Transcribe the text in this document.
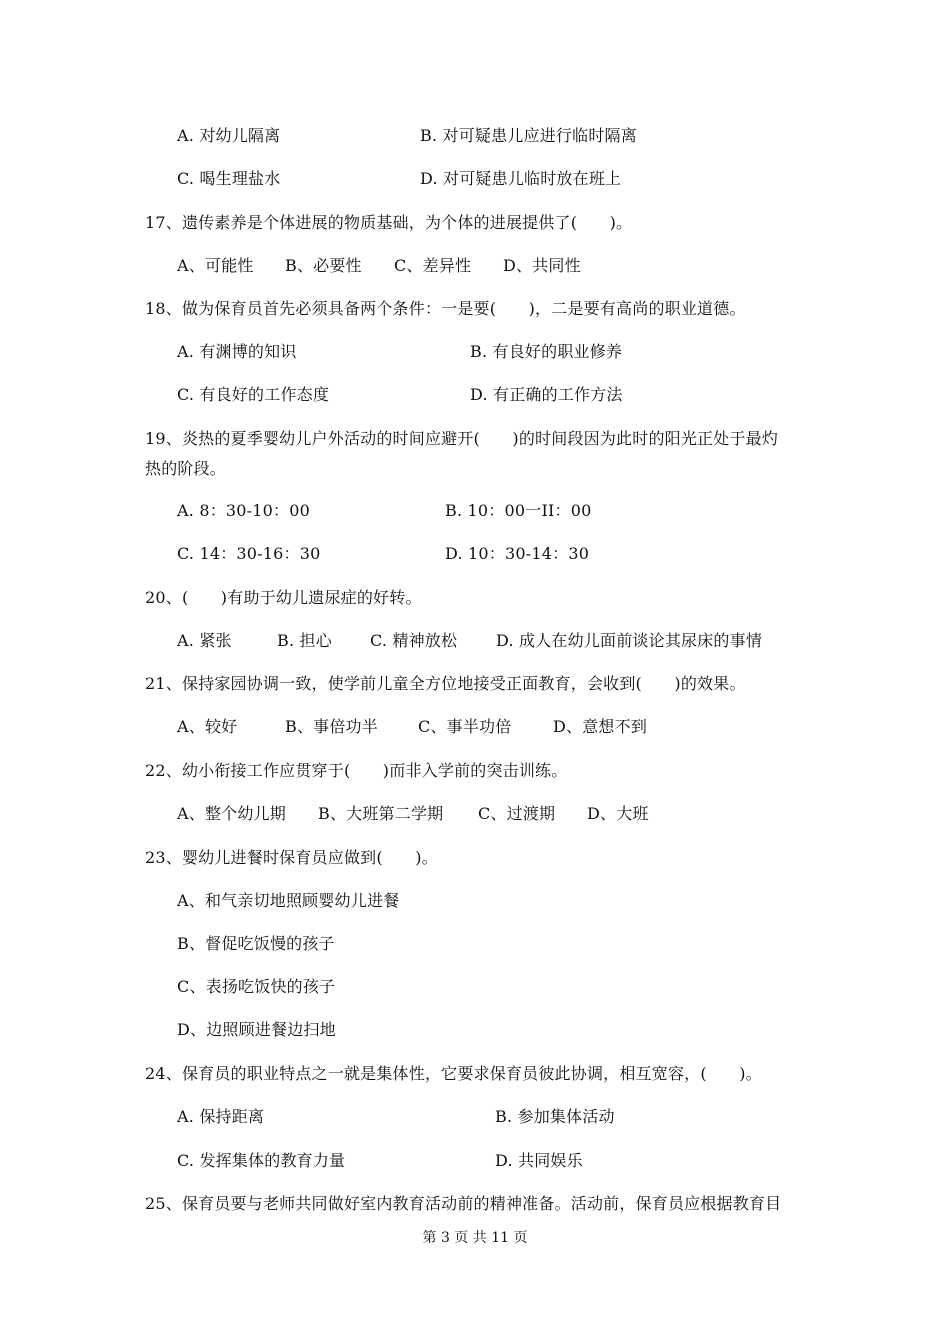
A. 对幼儿隔离	B. 对可疑患儿应进行临时隔离
C. 喝生理盐水	D. 对可疑患儿临时放在班上
17、遗传素养是个体进展的物质基础，为个体的进展提供了(　　)。
A、可能性 B、必要性 C、差异性 D、共同性
18、做为保育员首先必须具备两个条件：一是要(　　)，二是要有高尚的职业道德。
A. 有渊博的知识	B. 有良好的职业修养
C. 有良好的工作态度	D. 有正确的工作方法
19、炎热的夏季婴幼儿户外活动的时间应避开(　　)的时间段因为此时的阳光正处于最灼
热的阶段。
A. 8：30-10：00	B. 10：00一II：00
C. 14：30-16：30	D. 10：30-14：30
20、(　　)有助于幼儿遗尿症的好转。
A. 紧张	B. 担心 C. 精神放松 D. 成人在幼儿面前谈论其尿床的事情
21、保持家园协调一致，使学前儿童全方位地接受正面教育，会收到(　　)的效果。
A、较好	B、事倍功半	C、事半功倍	D、意想不到
22、幼小衔接工作应贯穿于(　　)而非入学前的突击训练。
A、整个幼儿期 B、大班第二学期 C、过渡期 D、大班
23、婴幼儿进餐时保育员应做到(　　)。
A、和气亲切地照顾婴幼儿进餐
B、督促吃饭慢的孩子
C、表扬吃饭快的孩子
D、边照顾进餐边扫地
24、保育员的职业特点之一就是集体性，它要求保育员彼此协调，相互宽容，(　　)。
A. 保持距离	B. 参加集体活动
C. 发挥集体的教育力量	D. 共同娱乐
25、保育员要与老师共同做好室内教育活动前的精神准备。活动前，保育员应根据教育目
第 3 页 共 11 页
